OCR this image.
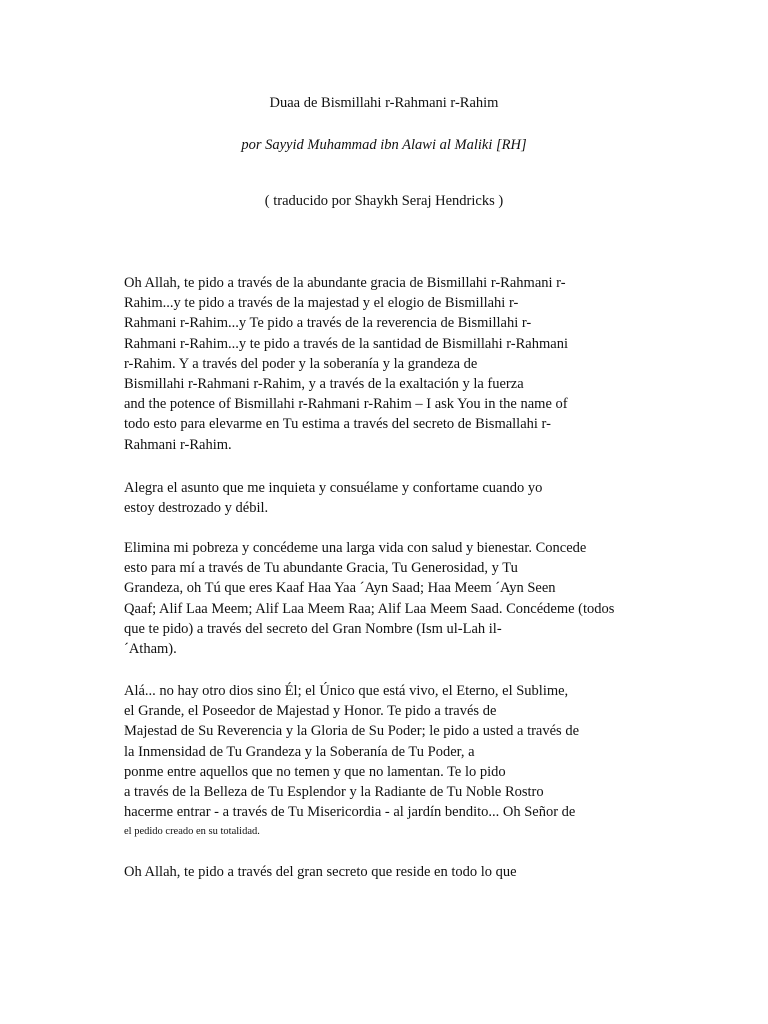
Duaa de Bismillahi r-Rahmani r-Rahim

por Sayyid Muhammad ibn Alawi al Maliki [RH]

( traducido por Shaykh Seraj Hendricks )

Oh Allah, te pido a través de la abundante gracia de Bismillahi r-Rahmani r-
Rahim...y te pido a través de la majestad y el elogio de Bismillahi r-
Rahmani r-Rahim...y Te pido a través de la reverencia de Bismillahi r-
Rahmani r-Rahim...y te pido a través de la santidad de Bismillahi r-Rahmani
r-Rahim. Y a través del poder y la soberanía y la grandeza de
Bismillahi r-Rahmani r-Rahim, y a través de la exaltación y la fuerza
and the potence of Bismillahi r-Rahmani r-Rahim – I ask You in the name of
todo esto para elevarme en Tu estima a través del secreto de Bismallahi r-
Rahmani r-Rahim.

Alegra el asunto que me inquieta y consuélame y confortame cuando yo
estoy destrozado y débil.

Elimina mi pobreza y concédeme una larga vida con salud y bienestar. Concede
esto para mí a través de Tu abundante Gracia, Tu Generosidad, y Tu
Grandeza, oh Tú que eres Kaaf Haa Yaa ´Ayn Saad; Haa Meem ´Ayn Seen
Qaaf; Alif Laa Meem; Alif Laa Meem Raa; Alif Laa Meem Saad. Concédeme (todos
que te pido) a través del secreto del Gran Nombre (Ism ul-Lah il-
´Atham).

Alá... no hay otro dios sino Él; el Único que está vivo, el Eterno, el Sublime,
el Grande, el Poseedor de Majestad y Honor. Te pido a través de
Majestad de Su Reverencia y la Gloria de Su Poder; le pido a usted a través de
la Inmensidad de Tu Grandeza y la Soberanía de Tu Poder, a
ponme entre aquellos que no temen y que no lamentan. Te lo pido
a través de la Belleza de Tu Esplendor y la Radiante de Tu Noble Rostro
hacerme entrar - a través de Tu Misericordia - al jardín bendito... Oh Señor de
el pedido creado en su totalidad.

Oh Allah, te pido a través del gran secreto que reside en todo lo que
